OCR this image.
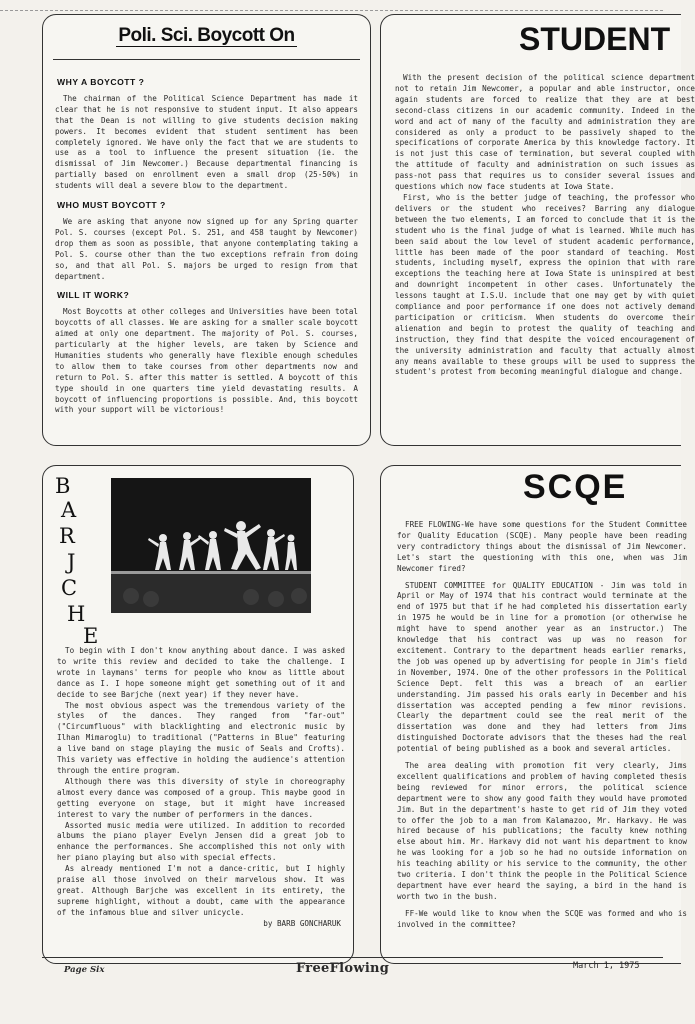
Poli. Sci. Boycott On
WHY A BOYCOTT ?

The chairman of the Political Science Department has made it clear that he is not responsive to student input. It also appears that the Dean is not willing to give students decision making powers. It becomes evident that student sentiment has been completely ignored. We have only the fact that we are students to use as a tool to influence the present situation (ie. the dismissal of Jim Newcomer.) Because departmental financing is partially based on enrollment even a small drop (25-50%) in students will deal a severe blow to the department.

WHO MUST BOYCOTT ?

We are asking that anyone now signed up for any Spring quarter Pol. S. courses (except Pol. S. 251, and 458 taught by Newcomer) drop them as soon as possible, that anyone contemplating taking a Pol. S. course other than the two exceptions refrain from doing so, and that all Pol. S. majors be urged to resign from that department.

WILL IT WORK?

Most Boycotts at other colleges and Universities have been total boycotts of all classes. We are asking for a smaller scale boycott aimed at only one department. The majority of Pol. S. courses, particularly at the higher levels, are taken by Science and Humanities students who generally have flexible enough schedules to allow them to take courses from other departments now and return to Pol. S. after this matter is settled. A boycott of this type should in one quarters time yield devastating results. A boycott of influencing proportions is possible. And, this boycott with your support will be victorious!

STUDENT

With the present decision of the political science department not to retain Jim Newcomer, a popular and able instructor, once again students are forced to realize that they are at best second-class citizens in our academic community. Indeed in the word and act of many of the faculty and administration they are considered as only a product to be passively shaped to the specifications of corporate America by this knowledge factory. It is not just this case of termination, but several coupled with the attitude of faculty and administration on such issues as pass-not pass that requires us to consider several issues and questions which now face students at Iowa State.

First, who is the better judge of teaching, the professor who delivers or the student who receives? Barring any dialogue between the two elements, I am forced to conclude that it is the student who is the final judge of what is learned. While much has been said about the low level of student academic performance, little has been made of the poor standard of teaching. Most students, including myself, express the opinion that with rare exceptions the teaching here at Iowa State is uninspired at best and downright incompetent in other cases. Unfortunately the lessons taught at I.S.U. include that one may get by with quiet compliance and poor performance if one does not actively demand participation or criticism. When students do overcome their alienation and begin to protest the quality of teaching and instruction, they find that despite the voiced encouragement of the university administration and faculty that actually almost any means available to these groups will be used to suppress the student's protest from becoming meaningful dialogue and change.

B
A
R
J
C
H
E

To begin with I don't know anything about dance. I was asked to write this review and decided to take the challenge. I wrote in laymans' terms for people who know as little about dance as I. I hope someone might get something out of it and decide to see Barjche (next year) if they never have.

The most obvious aspect was the tremendous variety of the styles of the dances. They ranged from "far-out" ("Circumfluous" with blacklighting and electronic music by Ilhan Mimaroglu) to traditional ("Patterns in Blue" featuring a live band on stage playing the music of Seals and Crofts). This variety was effective in holding the audience's attention through the entire program.

Although there was this diversity of style in choreography almost every dance was composed of a group. This maybe good in getting everyone on stage, but it might have increased interest to vary the number of performers in the dances.

Assorted music media were utilized. In addition to recorded albums the piano player Evelyn Jensen did a great job to enhance the performances. She accomplished this not only with her piano playing but also with special effects.

As already mentioned I'm not a dance-critic, but I highly praise all those involved on their marvelous show. It was great. Although Barjche was excellent in its entirety, the supreme highlight, without a doubt, came with the appearance of the infamous blue and silver unicycle.

by BARB GONCHARUK
SCQE

FREE FLOWING-We have some questions for the Student Committee for Quality Education (SCQE). Many people have been reading very contradictory things about the dismissal of Jim Newcomer. Let's start the questioning with this one, when was Jim Newcomer fired?

STUDENT COMMITTEE for QUALITY EDUCATION - Jim was told in April or May of 1974 that his contract would terminate at the end of 1975 but that if he had completed his dissertation early in 1975 he would be in line for a promotion (or otherwise he might have to spend another year as an instructor.) The knowledge that his contract was up was no reason for excitement. Contrary to the department heads earlier remarks, the job was opened up by advertising for people in Jim's field in November, 1974. One of the other professors in the Political Science Dept. felt this was a breach of an earlier understanding. Jim passed his orals early in December and his dissertation was accepted pending a few minor revisions. Clearly the department could see the real merit of the dissertation was done and they had letters from Jims distinguished Doctorate advisors that the theses had the real potential of being published as a book and several articles.

The area dealing with promotion fit very clearly, Jims excellent qualifications and problem of having completed thesis being reviewed for minor errors, the political science department were to show any good faith they would have promoted Jim. But in the department's haste to get rid of Jim they voted to offer the job to a man from Kalamazoo, Mr. Harkavy. He was hired because of his publications; the faculty knew nothing else about him. Mr. Harkavy did not want his department to know he was looking for a job so he had no outside information on his teaching ability or his service to the community, the other two criteria. I don't think the people in the Political Science department have ever heard the saying, a bird in the hand is worth two in the bush.

FF-We would like to know when the SCQE was formed and who is involved in the committee?

Page Six	FreeFlowing	March 1, 1975
